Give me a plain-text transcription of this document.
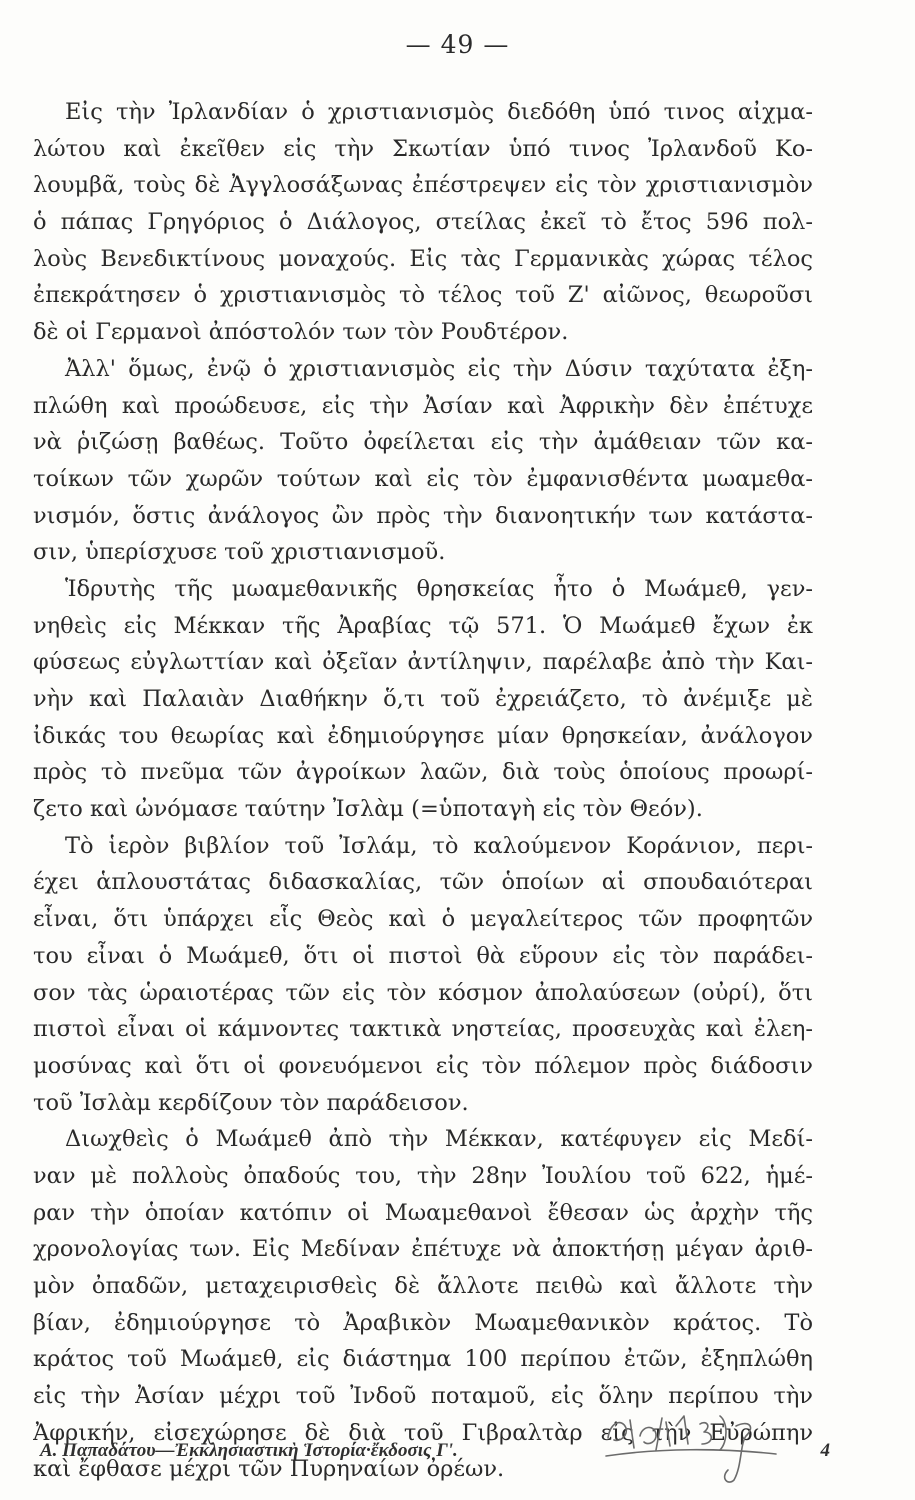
— 49 —
Εἰς τὴν Ἰρλανδίαν ὁ χριστιανισμὸς διεδόθη ὑπό τινος αἰχμα-
λώτου καὶ ἐκεῖθεν εἰς τὴν Σκωτίαν ὑπό τινος Ἰρλανδοῦ Κο-
λουμβᾶ, τοὺς δὲ Ἀγγλοσάξωνας ἐπέστρεψεν εἰς τὸν χριστιανισμὸν
ὁ πάπας Γρηγόριος ὁ Διάλογος, στείλας ἐκεῖ τὸ ἔτος 596 πολ-
λοὺς Βενεδικτίνους μοναχούς. Εἰς τὰς Γερμανικὰς χώρας τέλος
ἐπεκράτησεν ὁ χριστιανισμὸς τὸ τέλος τοῦ Ζ' αἰῶνος, θεωροῦσι
δὲ οἱ Γερμανοὶ ἀπόστολόν των τὸν Ρουδτέρον.
Ἀλλ' ὅμως, ἐνῷ ὁ χριστιανισμὸς εἰς τὴν Δύσιν ταχύτατα ἐξη-
πλώθη καὶ προώδευσε, εἰς τὴν Ἀσίαν καὶ Ἀφρικὴν δὲν ἐπέτυχε
νὰ ῥιζώσῃ βαθέως. Τοῦτο ὀφείλεται εἰς τὴν ἀμάθειαν τῶν κα-
τοίκων τῶν χωρῶν τούτων καὶ εἰς τὸν ἐμφανισθέντα μωαμεθα-
νισμόν, ὅστις ἀνάλογος ὢν πρὸς τὴν διανοητικήν των κατάστα-
σιν, ὑπερίσχυσε τοῦ χριστιανισμοῦ.
Ἱδρυτὴς τῆς μωαμεθανικῆς θρησκείας ἦτο ὁ Μωάμεθ, γεν-
νηθεὶς εἰς Μέκκαν τῆς Ἀραβίας τῷ 571. Ὁ Μωάμεθ ἔχων ἐκ
φύσεως εὐγλωττίαν καὶ ὀξεῖαν ἀντίληψιν, παρέλαβε ἀπὸ τὴν Και-
νὴν καὶ Παλαιὰν Διαθήκην ὅ,τι τοῦ ἐχρειάζετο, τὸ ἀνέμιξε μὲ
ἰδικάς του θεωρίας καὶ ἐδημιούργησε μίαν θρησκείαν, ἀνάλογον
πρὸς τὸ πνεῦμα τῶν ἀγροίκων λαῶν, διὰ τοὺς ὁποίους προωρί-
ζετο καὶ ὠνόμασε ταύτην Ἰσλὰμ (=ὑποταγὴ εἰς τὸν Θεόν).
Τὸ ἱερὸν βιβλίον τοῦ Ἰσλάμ, τὸ καλούμενον Κοράνιον, περι-
έχει ἁπλουστάτας διδασκαλίας, τῶν ὁποίων αἱ σπουδαιότεραι
εἶναι, ὅτι ὑπάρχει εἷς Θεὸς καὶ ὁ μεγαλείτερος τῶν προφητῶν
του εἶναι ὁ Μωάμεθ, ὅτι οἱ πιστοὶ θὰ εὕρουν εἰς τὸν παράδει-
σον τὰς ὡραιοτέρας τῶν εἰς τὸν κόσμον ἀπολαύσεων (οὐρί), ὅτι
πιστοὶ εἶναι οἱ κάμνοντες τακτικὰ νηστείας, προσευχὰς καὶ ἐλεη-
μοσύνας καὶ ὅτι οἱ φονευόμενοι εἰς τὸν πόλεμον πρὸς διάδοσιν
τοῦ Ἰσλὰμ κερδίζουν τὸν παράδεισον.
Διωχθεὶς ὁ Μωάμεθ ἀπὸ τὴν Μέκκαν, κατέφυγεν εἰς Μεδί-
ναν μὲ πολλοὺς ὀπαδούς του, τὴν 28ην Ἰουλίου τοῦ 622, ἡμέ-
ραν τὴν ὁποίαν κατόπιν οἱ Μωαμεθανοὶ ἔθεσαν ὡς ἀρχὴν τῆς
χρονολογίας των. Εἰς Μεδίναν ἐπέτυχε νὰ ἀποκτήσῃ μέγαν ἀριθ-
μὸν ὀπαδῶν, μεταχειρισθεὶς δὲ ἄλλοτε πειθὼ καὶ ἄλλοτε τὴν
βίαν, ἐδημιούργησε τὸ Ἀραβικὸν Μωαμεθανικὸν κράτος. Τὸ
κράτος τοῦ Μωάμεθ, εἰς διάστημα 100 περίπου ἐτῶν, ἐξηπλώθη
εἰς τὴν Ἀσίαν μέχρι τοῦ Ἰνδοῦ ποταμοῦ, εἰς ὅλην περίπου τὴν
Ἀφρικήν, εἰσεχώρησε δὲ διὰ τοῦ Γιβραλτὰρ εἰς τὴν Εὐρώπην
καὶ ἔφθασε μέχρι τῶν Πυρηναίων ὀρέων.
Α. Παπαδάτου—Ἐκκλησιαστικὴ Ἱστορία·ἔκδοσις Γ'.	4
